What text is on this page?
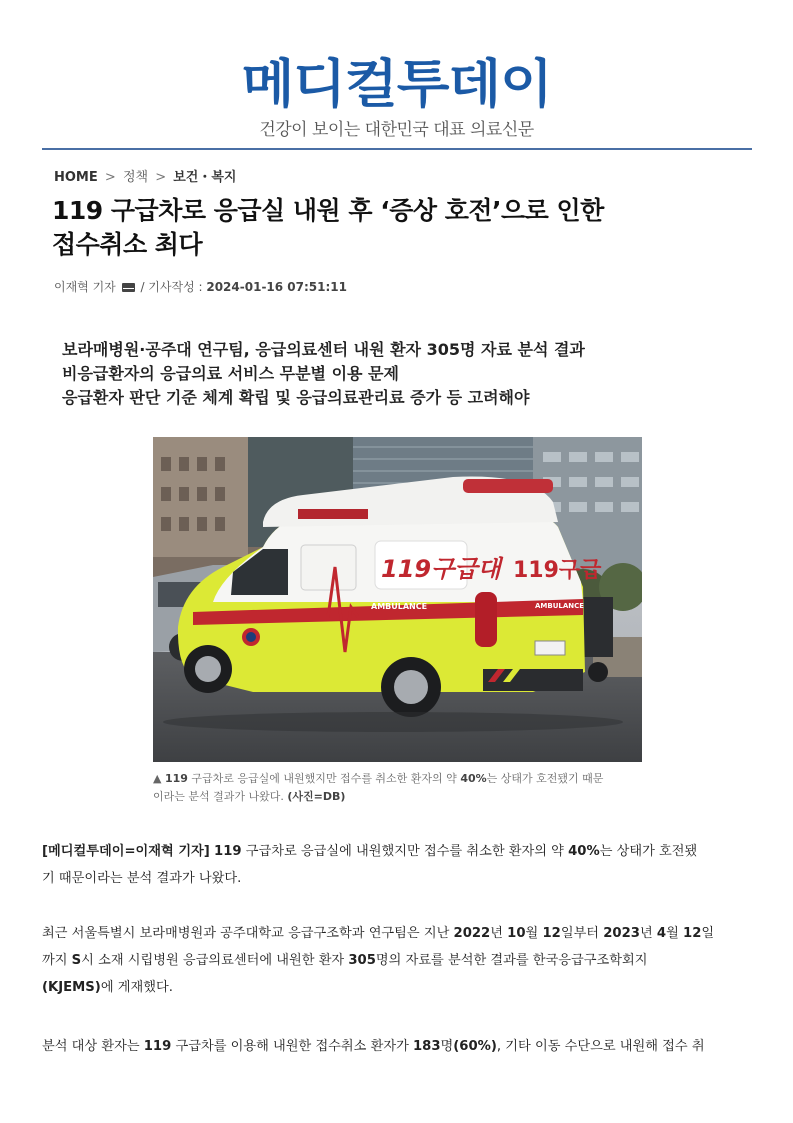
메디컬투데이
건강이 보이는 대한민국 대표 의료신문
HOME > 정책 > 보건・복지
119 구급차로 응급실 내원 후 ‘증상 호전’으로 인한
접수취소 최다
이재혁 기자 / 기사작성 : 2024-01-16 07:51:11
보라매병원·공주대 연구팀, 응급의료센터 내원 환자 305명 자료 분석 결과
비응급환자의 응급의료 서비스 무분별 이용 문제
응급환자 판단 기준 체계 확립 및 응급의료관리료 증가 등 고려해야
AMBULANCE	AMBULANCE
119구급대 119구급
▲ 119 구급차로 응급실에 내원했지만 접수를 취소한 환자의 약 40%는 상태가 호전됐기 때문
이라는 분석 결과가 나왔다. (사진=DB)

[메디컬투데이=이재혁 기자] 119 구급차로 응급실에 내원했지만 접수를 취소한 환자의 약 40%는 상태가 호전됐
기 때문이라는 분석 결과가 나왔다.

최근 서울특별시 보라매병원과 공주대학교 응급구조학과 연구팀은 지난 2022년 10월 12일부터 2023년 4월 12일
까지 S시 소재 시립병원 응급의료센터에 내원한 환자 305명의 자료를 분석한 결과를 한국응급구조학회지
(KJEMS)에 게재했다.

분석 대상 환자는 119 구급차를 이용해 내원한 접수취소 환자가 183명(60%), 기타 이동 수단으로 내원해 접수 취
